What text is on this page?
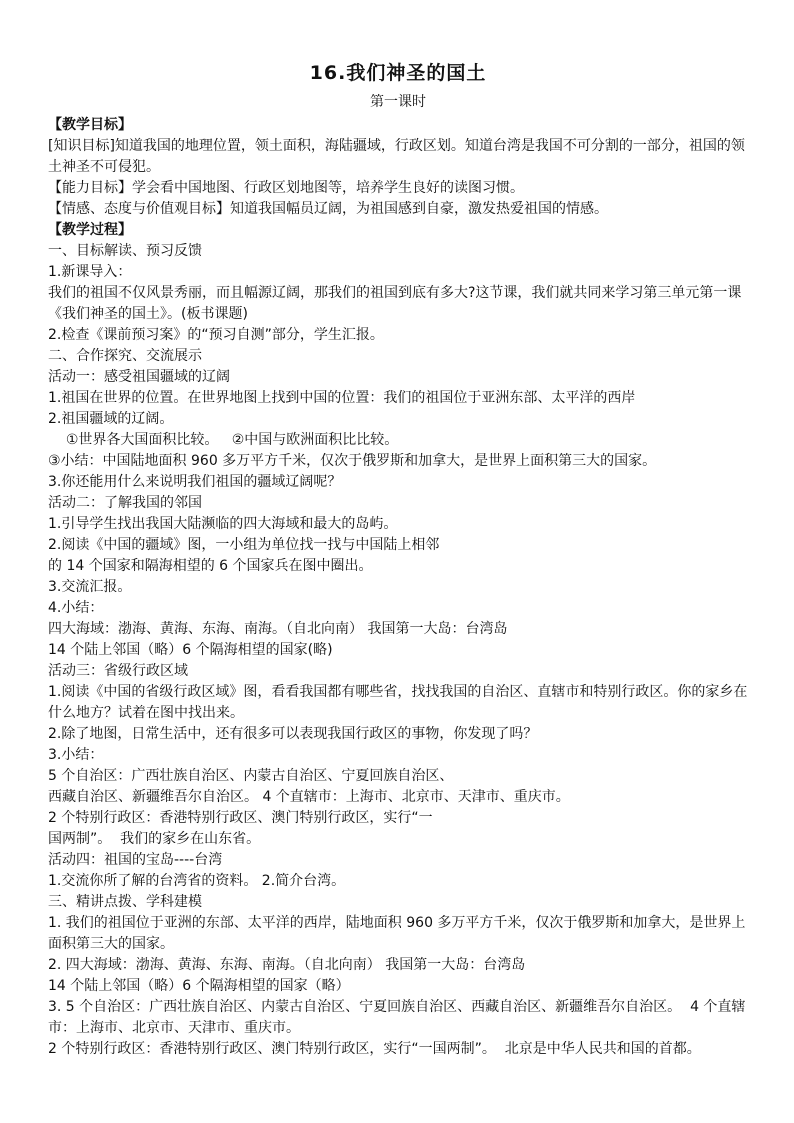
16.我们神圣的国土
第一课时

【教学目标】

[知识目标]知道我国的地理位置，领土面积，海陆疆域，行政区划。知道台湾是我国不可分割的一部分，祖国的领土神圣不可侵犯。

【能力目标】学会看中国地图、行政区划地图等，培养学生良好的读图习惯。

【情感、态度与价值观目标】知道我国幅员辽阔，为祖国感到自豪，激发热爱祖国的情感。

【教学过程】

一、目标解读、预习反馈

1.新课导入：

我们的祖国不仅风景秀丽，而且幅源辽阔，那我们的祖国到底有多大?这节课，我们就共同来学习第三单元第一课《我们神圣的国土》。(板书课题)

2.检查《课前预习案》的“预习自测”部分，学生汇报。

二、合作探究、交流展示

活动一：感受祖国疆域的辽阔

1.祖国在世界的位置。在世界地图上找到中国的位置：我们的祖国位于亚洲东部、太平洋的西岸

2.祖国疆域的辽阔。

①世界各大国面积比较。   ②中国与欧洲面积比比较。

③小结：中国陆地面积 960 多万平方千米，仅次于俄罗斯和加拿大，是世界上面积第三大的国家。

3.你还能用什么来说明我们祖国的疆域辽阔呢？

活动二：了解我国的邻国

1.引导学生找出我国大陆濒临的四大海域和最大的岛屿。

2.阅读《中国的疆域》图，一小组为单位找一找与中国陆上相邻

的 14 个国家和隔海相望的 6 个国家兵在图中圈出。

3.交流汇报。

4.小结：

四大海域：渤海、黄海、东海、南海。（自北向南） 我国第一大岛：台湾岛

14 个陆上邻国（略）6 个隔海相望的国家(略)

活动三：省级行政区域

1.阅读《中国的省级行政区域》图，看看我国都有哪些省，找找我国的自治区、直辖市和特别行政区。你的家乡在什么地方？试着在图中找出来。

2.除了地图，日常生活中，还有很多可以表现我国行政区的事物，你发现了吗？

3.小结：

5 个自治区：广西壮族自治区、内蒙古自治区、宁夏回族自治区、

西藏自治区、新疆维吾尔自治区。 4 个直辖市：上海市、北京市、天津市、重庆市。

2 个特别行政区：香港特别行政区、澳门特别行政区，实行“一

国两制”。  我们的家乡在山东省。

活动四：祖国的宝岛----台湾

1.交流你所了解的台湾省的资料。 2.简介台湾。

三、精讲点拨、学科建模

1. 我们的祖国位于亚洲的东部、太平洋的西岸，陆地面积 960 多万平方千米，仅次于俄罗斯和加拿大，是世界上面积第三大的国家。

2. 四大海域：渤海、黄海、东海、南海。（自北向南） 我国第一大岛：台湾岛

14 个陆上邻国（略）6 个隔海相望的国家（略）

3. 5 个自治区：广西壮族自治区、内蒙古自治区、宁夏回族自治区、西藏自治区、新疆维吾尔自治区。  4 个直辖市：上海市、北京市、天津市、重庆市。

2 个特别行政区：香港特别行政区、澳门特别行政区，实行“一国两制”。  北京是中华人民共和国的首都。
